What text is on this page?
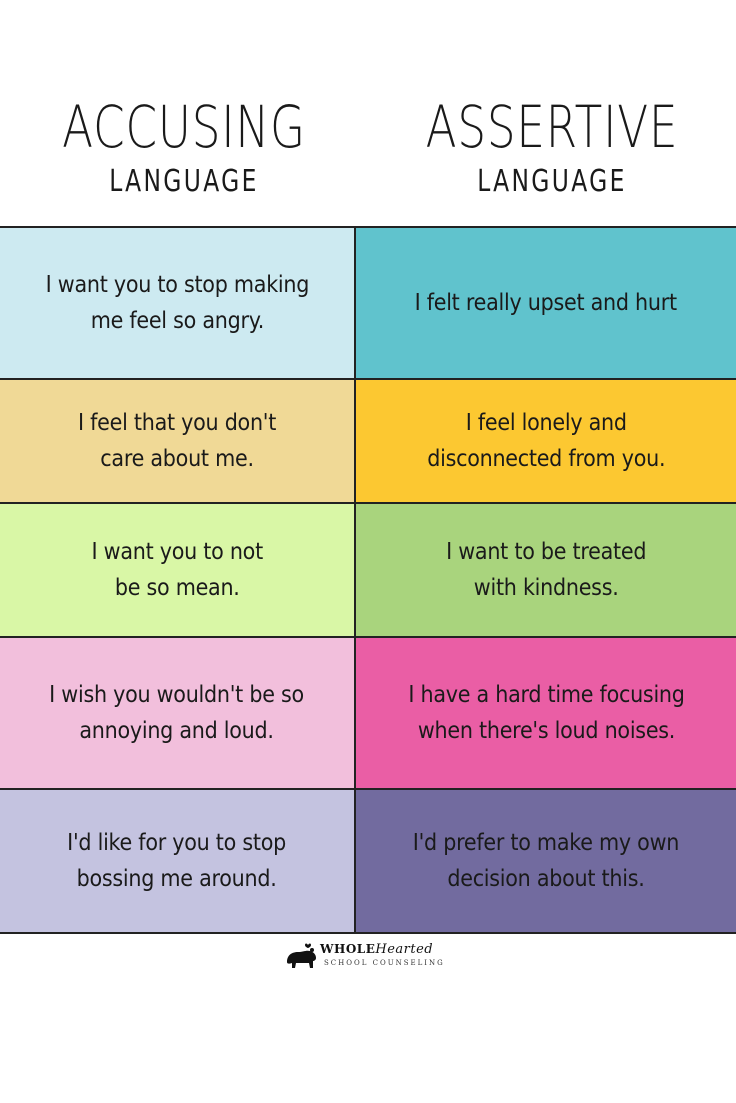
ACCUSING
LANGUAGE
ASSERTIVE
LANGUAGE
I want you to stop making
me feel so angry.
I felt really upset and hurt
I feel that you don't
care about me.
I feel lonely and
disconnected from you.
I want you to not
be so mean.
I want to be treated
with kindness.
I wish you wouldn't be so
annoying and loud.
I have a hard time focusing
when there's loud noises.
I'd like for you to stop
bossing me around.
I'd prefer to make my own
decision about this.
WHOLEHearted
SCHOOL COUNSELING
